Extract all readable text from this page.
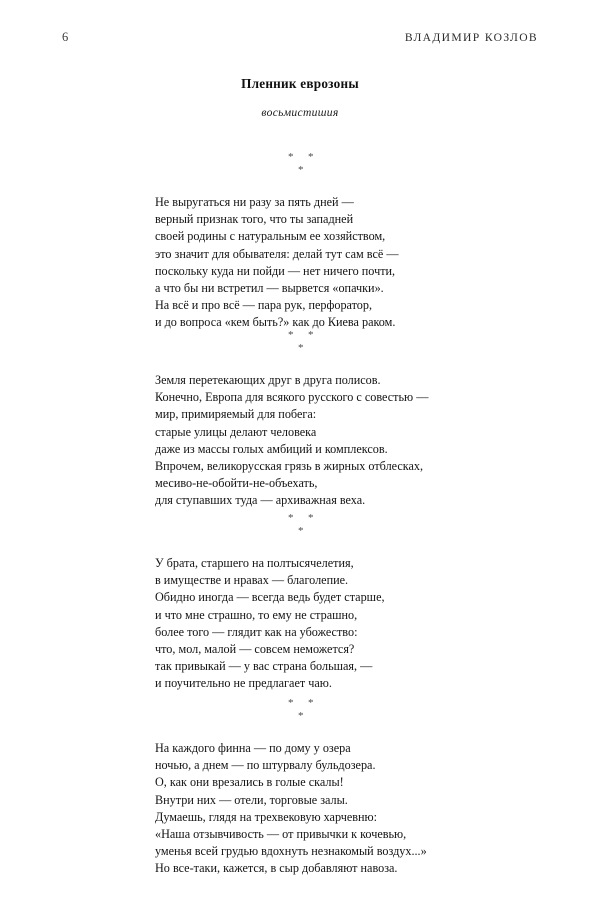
6	ВЛАДИМИР КОЗЛОВ
Пленник еврозоны
восьмистишия
* *
*
Не выругаться ни разу за пять дней —
верный признак того, что ты западней
своей родины с натуральным ее хозяйством,
это значит для обывателя: делай тут сам всё —
поскольку куда ни пойди — нет ничего почти,
а что бы ни встретил — вырвется «опачки».
На всё и про всё — пара рук, перфоратор,
и до вопроса «кем быть?» как до Киева раком.
* *
*
Земля перетекающих друг в друга полисов.
Конечно, Европа для всякого русского с совестью —
мир, примиряемый для побега:
старые улицы делают человека
даже из массы голых амбиций и комплексов.
Впрочем, великорусская грязь в жирных отблесках,
месиво-не-обойти-не-объехать,
для ступавших туда — архиважная веха.
* *
*
У брата, старшего на полтысячелетия,
в имуществе и нравах — благолепие.
Обидно иногда — всегда ведь будет старше,
и что мне страшно, то ему не страшно,
более того — глядит как на убожество:
что, мол, малой — совсем неможется?
так привыкай — у вас страна большая, —
и поучительно не предлагает чаю.
* *
*
На каждого финна — по дому у озера
ночью, а днем — по штурвалу бульдозера.
О, как они врезались в голые скалы!
Внутри них — отели, торговые залы.
Думаешь, глядя на трехвековую харчевню:
«Наша отзывчивость — от привычки к кочевью,
уменья всей грудью вдохнуть незнакомый воздух...»
Но все-таки, кажется, в сыр добавляют навоза.
